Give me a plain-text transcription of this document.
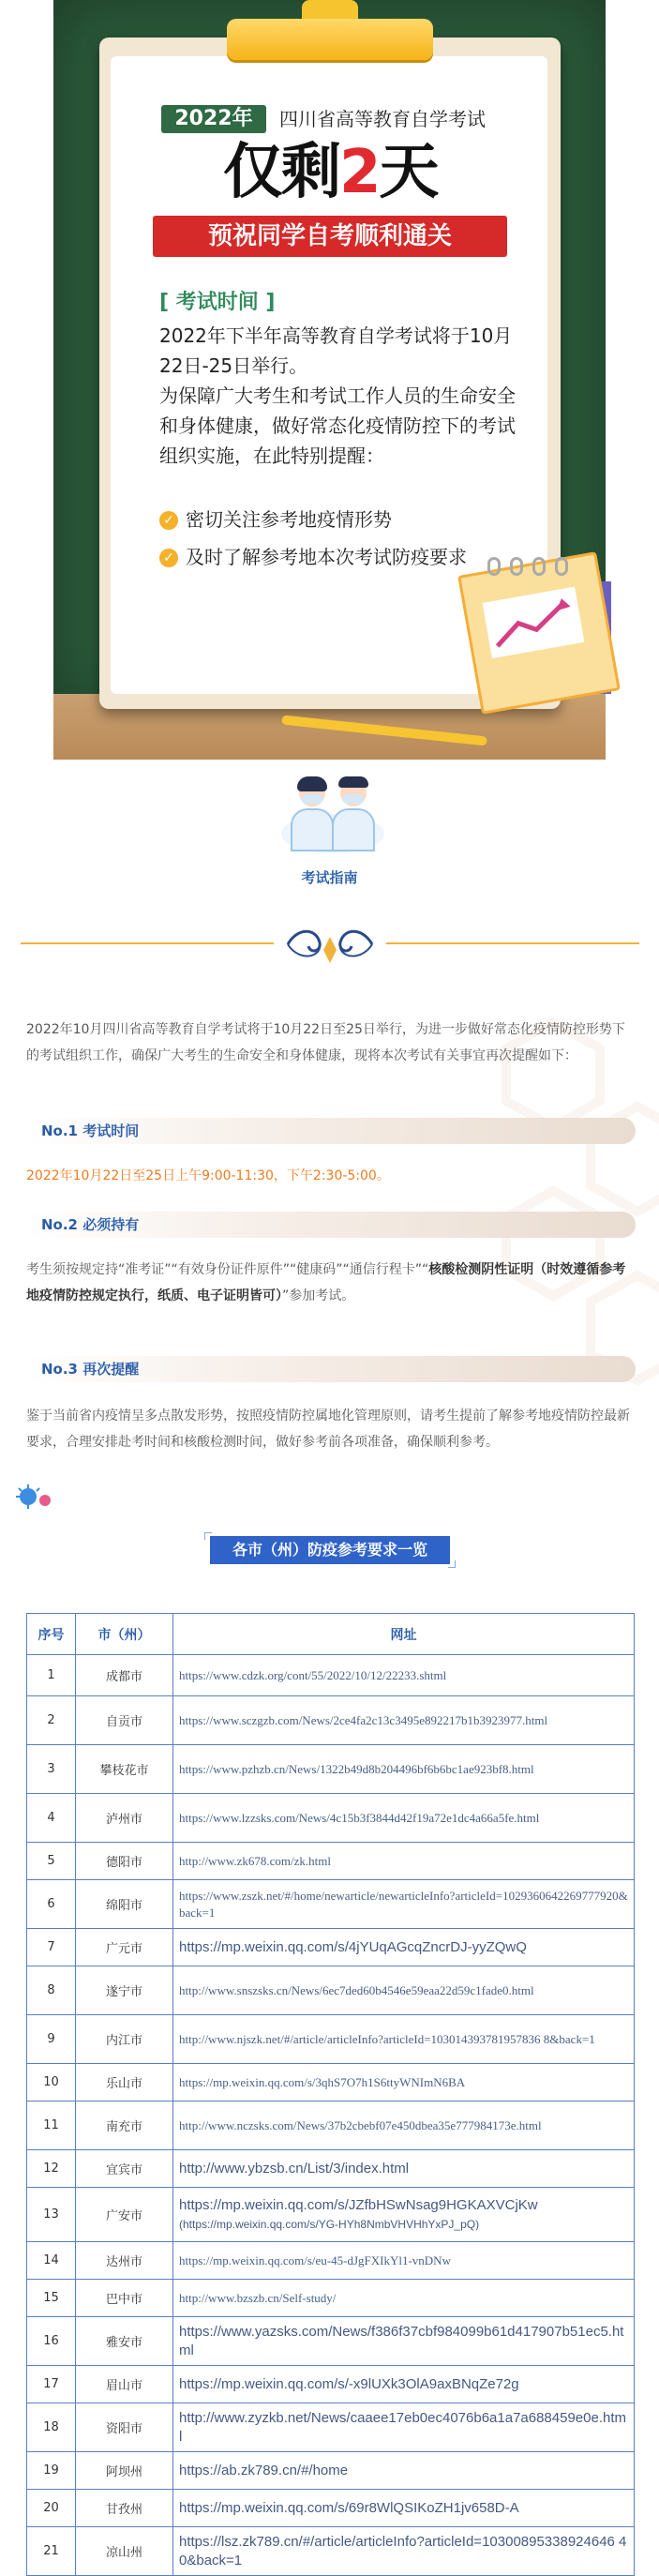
2022年	四川省高等教育自学考试
仅剩2天
预祝同学自考顺利通关
[ 考试时间 ]
2022年下半年高等教育自学考试将于10月22日-25日举行。
为保障广大考生和考试工作人员的生命安全和身体健康，做好常态化疫情防控下的考试组织实施，在此特别提醒：
✓ 密切关注参考地疫情形势
✓ 及时了解参考地本次考试防疫要求
考试指南
2022年10月四川省高等教育自学考试将于10月22日至25日举行，为进一步做好常态化疫情防控形势下的考试组织工作，确保广大考生的生命安全和身体健康，现将本次考试有关事宜再次提醒如下：
No.1 考试时间
2022年10月22日至25日上午9:00-11:30，下午2:30-5:00。
No.2 必须持有
考生须按规定持“准考证”“有效身份证件原件”“健康码”“通信行程卡”“核酸检测阴性证明（时效遵循参考地疫情防控规定执行，纸质、电子证明皆可）”参加考试。
No.3 再次提醒
鉴于当前省内疫情呈多点散发形势，按照疫情防控属地化管理原则，请考生提前了解参考地疫情防控最新要求，合理安排赴考时间和核酸检测时间，做好参考前各项准备，确保顺利参考。
各市（州）防疫参考要求一览
序号	市（州）	网址
1	成都市	https://www.cdzk.org/cont/55/2022/10/12/22233.shtml
2	自贡市	https://www.sczgzb.com/News/2ce4fa2c13c3495e892217b1b3923977.html
3	攀枝花市	https://www.pzhzb.cn/News/1322b49d8b204496bf6b6bc1ae923bf8.html
4	泸州市	https://www.lzzsks.com/News/4c15b3f3844d42f19a72e1dc4a66a5fe.html
5	德阳市	http://www.zk678.com/zk.html
6	绵阳市	https://www.zszk.net/#/home/newarticle/newarticleInfo?articleId=1029360642269777920&back=1
7	广元市	https://mp.weixin.qq.com/s/4jYUqAGcqZncrDJ-yyZQwQ
8	遂宁市	http://www.snszsks.cn/News/6ec7ded60b4546e59eaa22d59c1fade0.html
9	内江市	http://www.njszk.net/#/article/articleInfo?articleId=103014393781957836 8&back=1
10	乐山市	https://mp.weixin.qq.com/s/3qhS7O7h1S6ttyWNImN6BA
11	南充市	http://www.nczsks.com/News/37b2cbebf07e450dbea35e777984173e.html
12	宜宾市	http://www.ybzsb.cn/List/3/index.html
13	广安市	https://mp.weixin.qq.com/s/JZfbHSwNsag9HGKAXVCjKw
(https://mp.weixin.qq.com/s/YG-HYh8NmbVHVHhYxPJ_pQ)

14	达州市	https://mp.weixin.qq.com/s/eu-45-dJgFXIkYl1-vnDNw
15	巴中市	http://www.bzszb.cn/Self-study/
16	雅安市	https://www.yazsks.com/News/f386f37cbf984099b61d417907b51ec5.html
17	眉山市	https://mp.weixin.qq.com/s/-x9lUXk3OlA9axBNqZe72g
18	资阳市	http://www.zyzkb.net/News/caaee17eb0ec4076b6a1a7a688459e0e.html
19	阿坝州	https://ab.zk789.cn/#/home
20	甘孜州	https://mp.weixin.qq.com/s/69r8WlQSIKoZH1jv658D-A
21	凉山州	https://lsz.zk789.cn/#/article/articleInfo?articleId=10300895338924646 40&back=1
